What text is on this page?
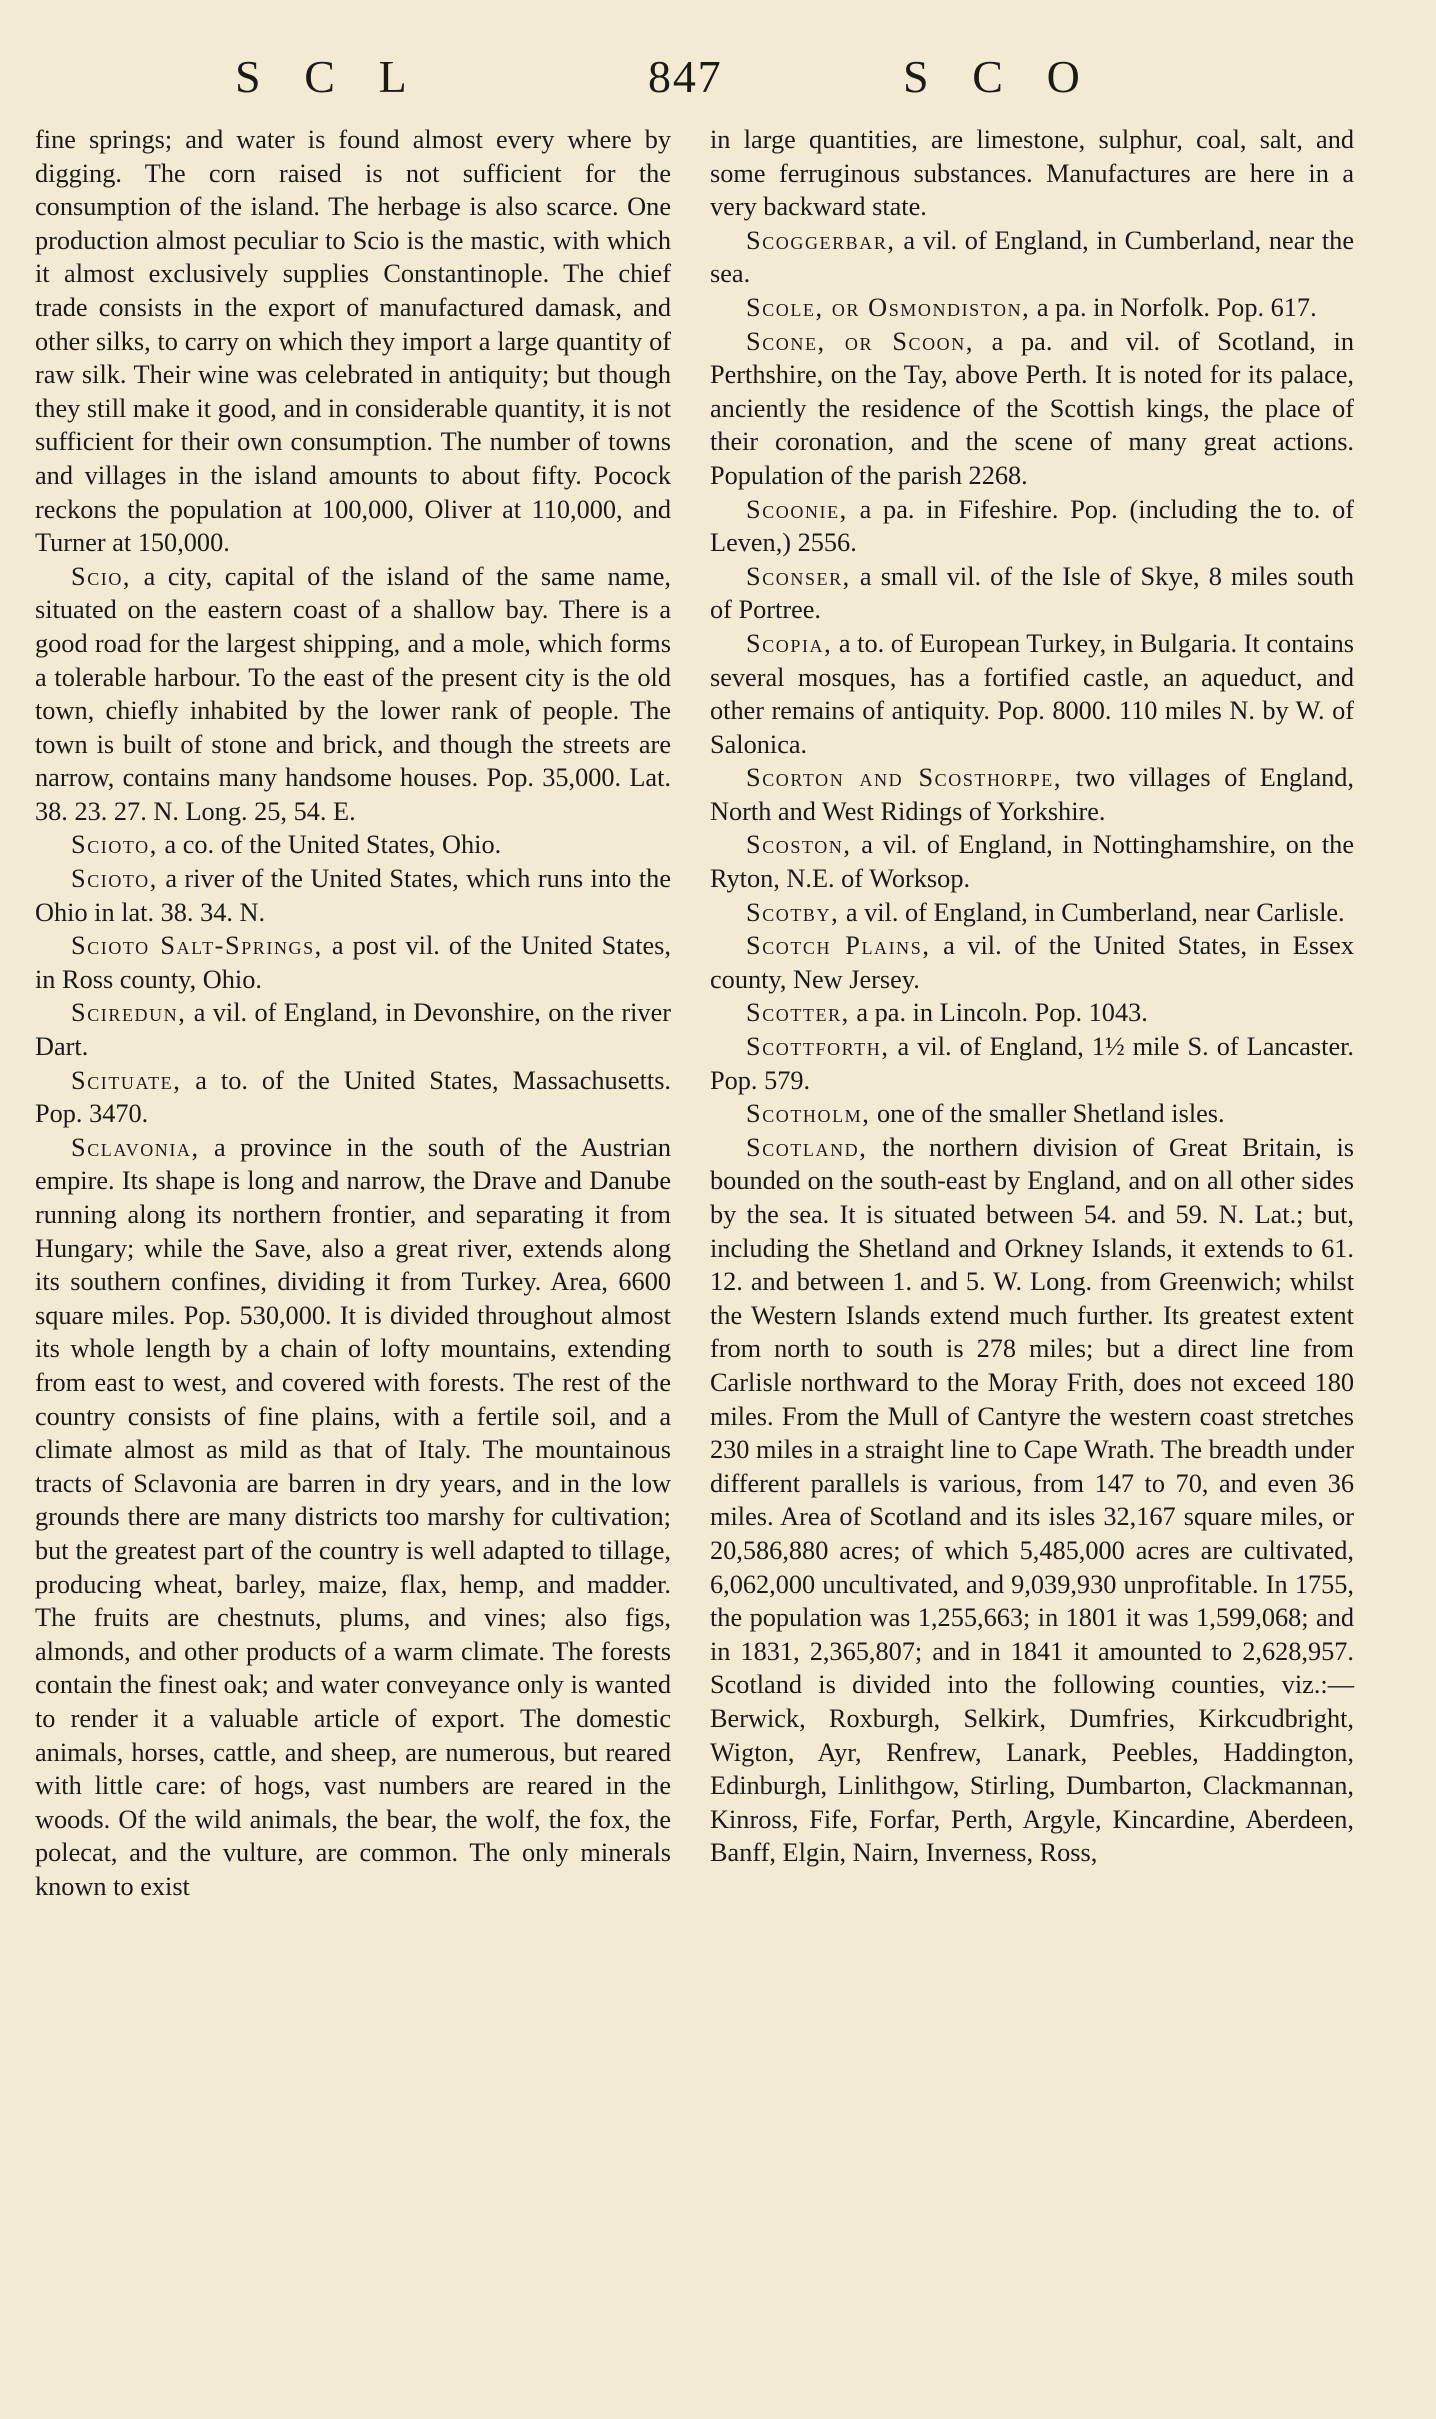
S C L	847	S C O

fine springs; and water is found almost every where by digging. The corn raised is not sufficient for the consumption of the island. The herbage is also scarce. One production almost peculiar to Scio is the mastic, with which it almost exclusively supplies Constantinople. The chief trade consists in the export of manufactured damask, and other silks, to carry on which they import a large quantity of raw silk. Their wine was celebrated in antiquity; but though they still make it good, and in considerable quantity, it is not sufficient for their own consumption. The number of towns and villages in the island amounts to about fifty. Pocock reckons the population at 100,000, Oliver at 110,000, and Turner at 150,000.

Scio, a city, capital of the island of the same name, situated on the eastern coast of a shallow bay. There is a good road for the largest shipping, and a mole, which forms a tolerable harbour. To the east of the present city is the old town, chiefly inhabited by the lower rank of people. The town is built of stone and brick, and though the streets are narrow, contains many handsome houses. Pop. 35,000. Lat. 38. 23. 27. N. Long. 25, 54. E.

Scioto, a co. of the United States, Ohio.

Scioto, a river of the United States, which runs into the Ohio in lat. 38. 34. N.

Scioto Salt-Springs, a post vil. of the United States, in Ross county, Ohio.

Sciredun, a vil. of England, in Devonshire, on the river Dart.

Scituate, a to. of the United States, Massachusetts. Pop. 3470.

Sclavonia, a province in the south of the Austrian empire. Its shape is long and narrow, the Drave and Danube running along its northern frontier, and separating it from Hungary; while the Save, also a great river, extends along its southern confines, dividing it from Turkey. Area, 6600 square miles. Pop. 530,000. It is divided throughout almost its whole length by a chain of lofty mountains, extending from east to west, and covered with forests. The rest of the country consists of fine plains, with a fertile soil, and a climate almost as mild as that of Italy. The mountainous tracts of Sclavonia are barren in dry years, and in the low grounds there are many districts too marshy for cultivation; but the greatest part of the country is well adapted to tillage, producing wheat, barley, maize, flax, hemp, and madder. The fruits are chestnuts, plums, and vines; also figs, almonds, and other products of a warm climate. The forests contain the finest oak; and water conveyance only is wanted to render it a valuable article of export. The domestic animals, horses, cattle, and sheep, are numerous, but reared with little care: of hogs, vast numbers are reared in the woods. Of the wild animals, the bear, the wolf, the fox, the polecat, and the vulture, are common. The only minerals known to exist

in large quantities, are limestone, sulphur, coal, salt, and some ferruginous substances. Manufactures are here in a very backward state.

Scoggerbar, a vil. of England, in Cumberland, near the sea.

Scole, or Osmondiston, a pa. in Norfolk. Pop. 617.

Scone, or Scoon, a pa. and vil. of Scotland, in Perthshire, on the Tay, above Perth. It is noted for its palace, anciently the residence of the Scottish kings, the place of their coronation, and the scene of many great actions. Population of the parish 2268.

Scoonie, a pa. in Fifeshire. Pop. (including the to. of Leven,) 2556.

Sconser, a small vil. of the Isle of Skye, 8 miles south of Portree.

Scopia, a to. of European Turkey, in Bulgaria. It contains several mosques, has a fortified castle, an aqueduct, and other remains of antiquity. Pop. 8000. 110 miles N. by W. of Salonica.

Scorton and Scosthorpe, two villages of England, North and West Ridings of Yorkshire.

Scoston, a vil. of England, in Nottinghamshire, on the Ryton, N.E. of Worksop.

Scotby, a vil. of England, in Cumberland, near Carlisle.

Scotch Plains, a vil. of the United States, in Essex county, New Jersey.

Scotter, a pa. in Lincoln. Pop. 1043.

Scottforth, a vil. of England, 1½ mile S. of Lancaster. Pop. 579.

Scotholm, one of the smaller Shetland isles.

Scotland, the northern division of Great Britain, is bounded on the south-east by England, and on all other sides by the sea. It is situated between 54. and 59. N. Lat.; but, including the Shetland and Orkney Islands, it extends to 61. 12. and between 1. and 5. W. Long. from Greenwich; whilst the Western Islands extend much further. Its greatest extent from north to south is 278 miles; but a direct line from Carlisle northward to the Moray Frith, does not exceed 180 miles. From the Mull of Cantyre the western coast stretches 230 miles in a straight line to Cape Wrath. The breadth under different parallels is various, from 147 to 70, and even 36 miles. Area of Scotland and its isles 32,167 square miles, or 20,586,880 acres; of which 5,485,000 acres are cultivated, 6,062,000 uncultivated, and 9,039,930 unprofitable. In 1755, the population was 1,255,663; in 1801 it was 1,599,068; and in 1831, 2,365,807; and in 1841 it amounted to 2,628,957. Scotland is divided into the following counties, viz.:— Berwick, Roxburgh, Selkirk, Dumfries, Kirkcudbright, Wigton, Ayr, Renfrew, Lanark, Peebles, Haddington, Edinburgh, Linlithgow, Stirling, Dumbarton, Clackmannan, Kinross, Fife, Forfar, Perth, Argyle, Kincardine, Aberdeen, Banff, Elgin, Nairn, Inverness, Ross,
